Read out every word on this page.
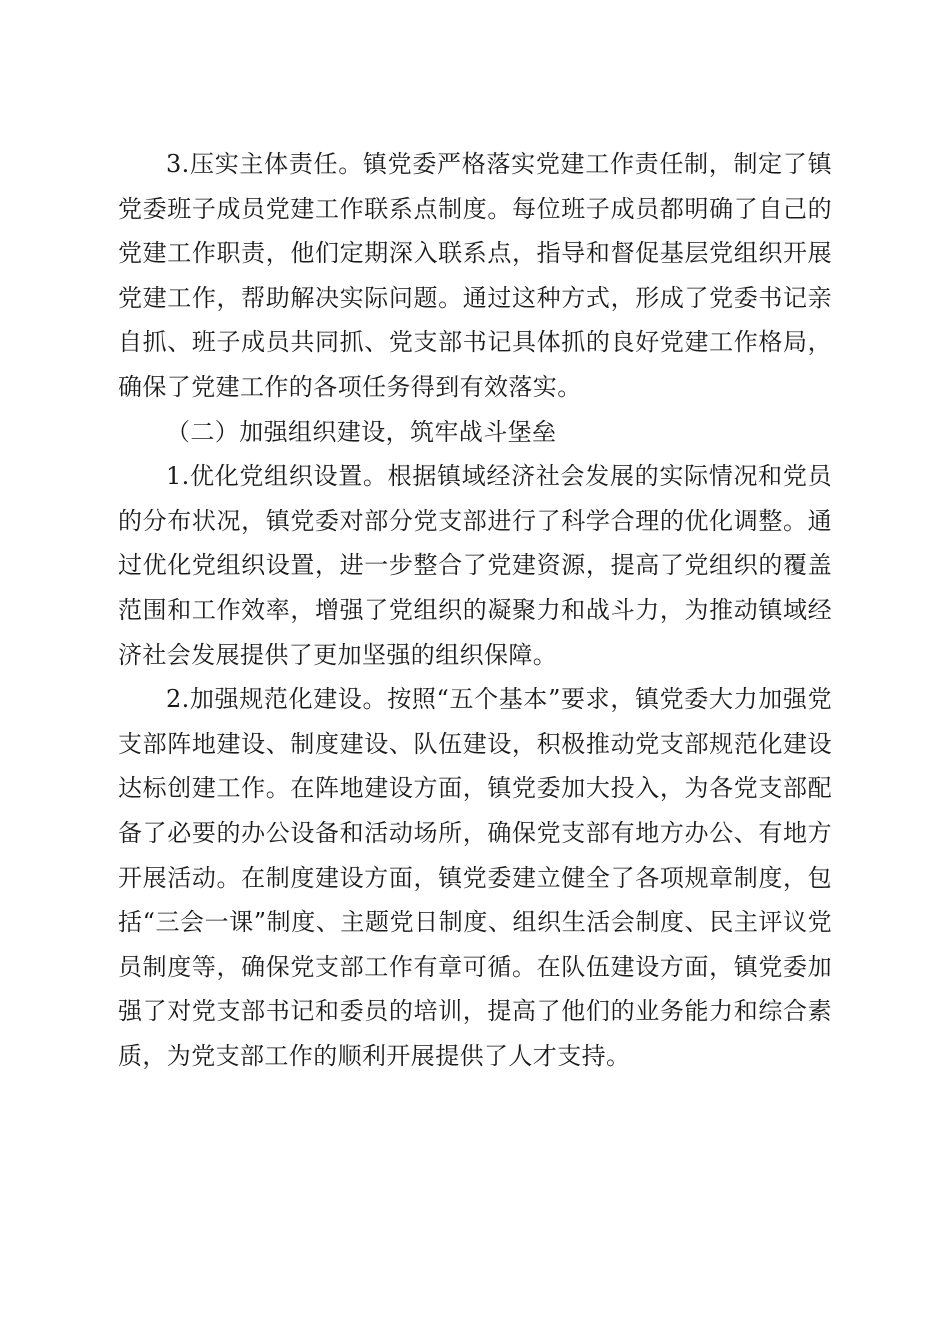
3.压实主体责任。镇党委严格落实党建工作责任制，制定了镇党委班子成员党建工作联系点制度。每位班子成员都明确了自己的党建工作职责，他们定期深入联系点，指导和督促基层党组织开展党建工作，帮助解决实际问题。通过这种方式，形成了党委书记亲自抓、班子成员共同抓、党支部书记具体抓的良好党建工作格局，确保了党建工作的各项任务得到有效落实。

（二）加强组织建设，筑牢战斗堡垒

1.优化党组织设置。根据镇域经济社会发展的实际情况和党员的分布状况，镇党委对部分党支部进行了科学合理的优化调整。通过优化党组织设置，进一步整合了党建资源，提高了党组织的覆盖范围和工作效率，增强了党组织的凝聚力和战斗力，为推动镇域经济社会发展提供了更加坚强的组织保障。

2.加强规范化建设。按照“五个基本”要求，镇党委大力加强党支部阵地建设、制度建设、队伍建设，积极推动党支部规范化建设达标创建工作。在阵地建设方面，镇党委加大投入，为各党支部配备了必要的办公设备和活动场所，确保党支部有地方办公、有地方开展活动。在制度建设方面，镇党委建立健全了各项规章制度，包括“三会一课”制度、主题党日制度、组织生活会制度、民主评议党员制度等，确保党支部工作有章可循。在队伍建设方面，镇党委加强了对党支部书记和委员的培训，提高了他们的业务能力和综合素质，为党支部工作的顺利开展提供了人才支持。
